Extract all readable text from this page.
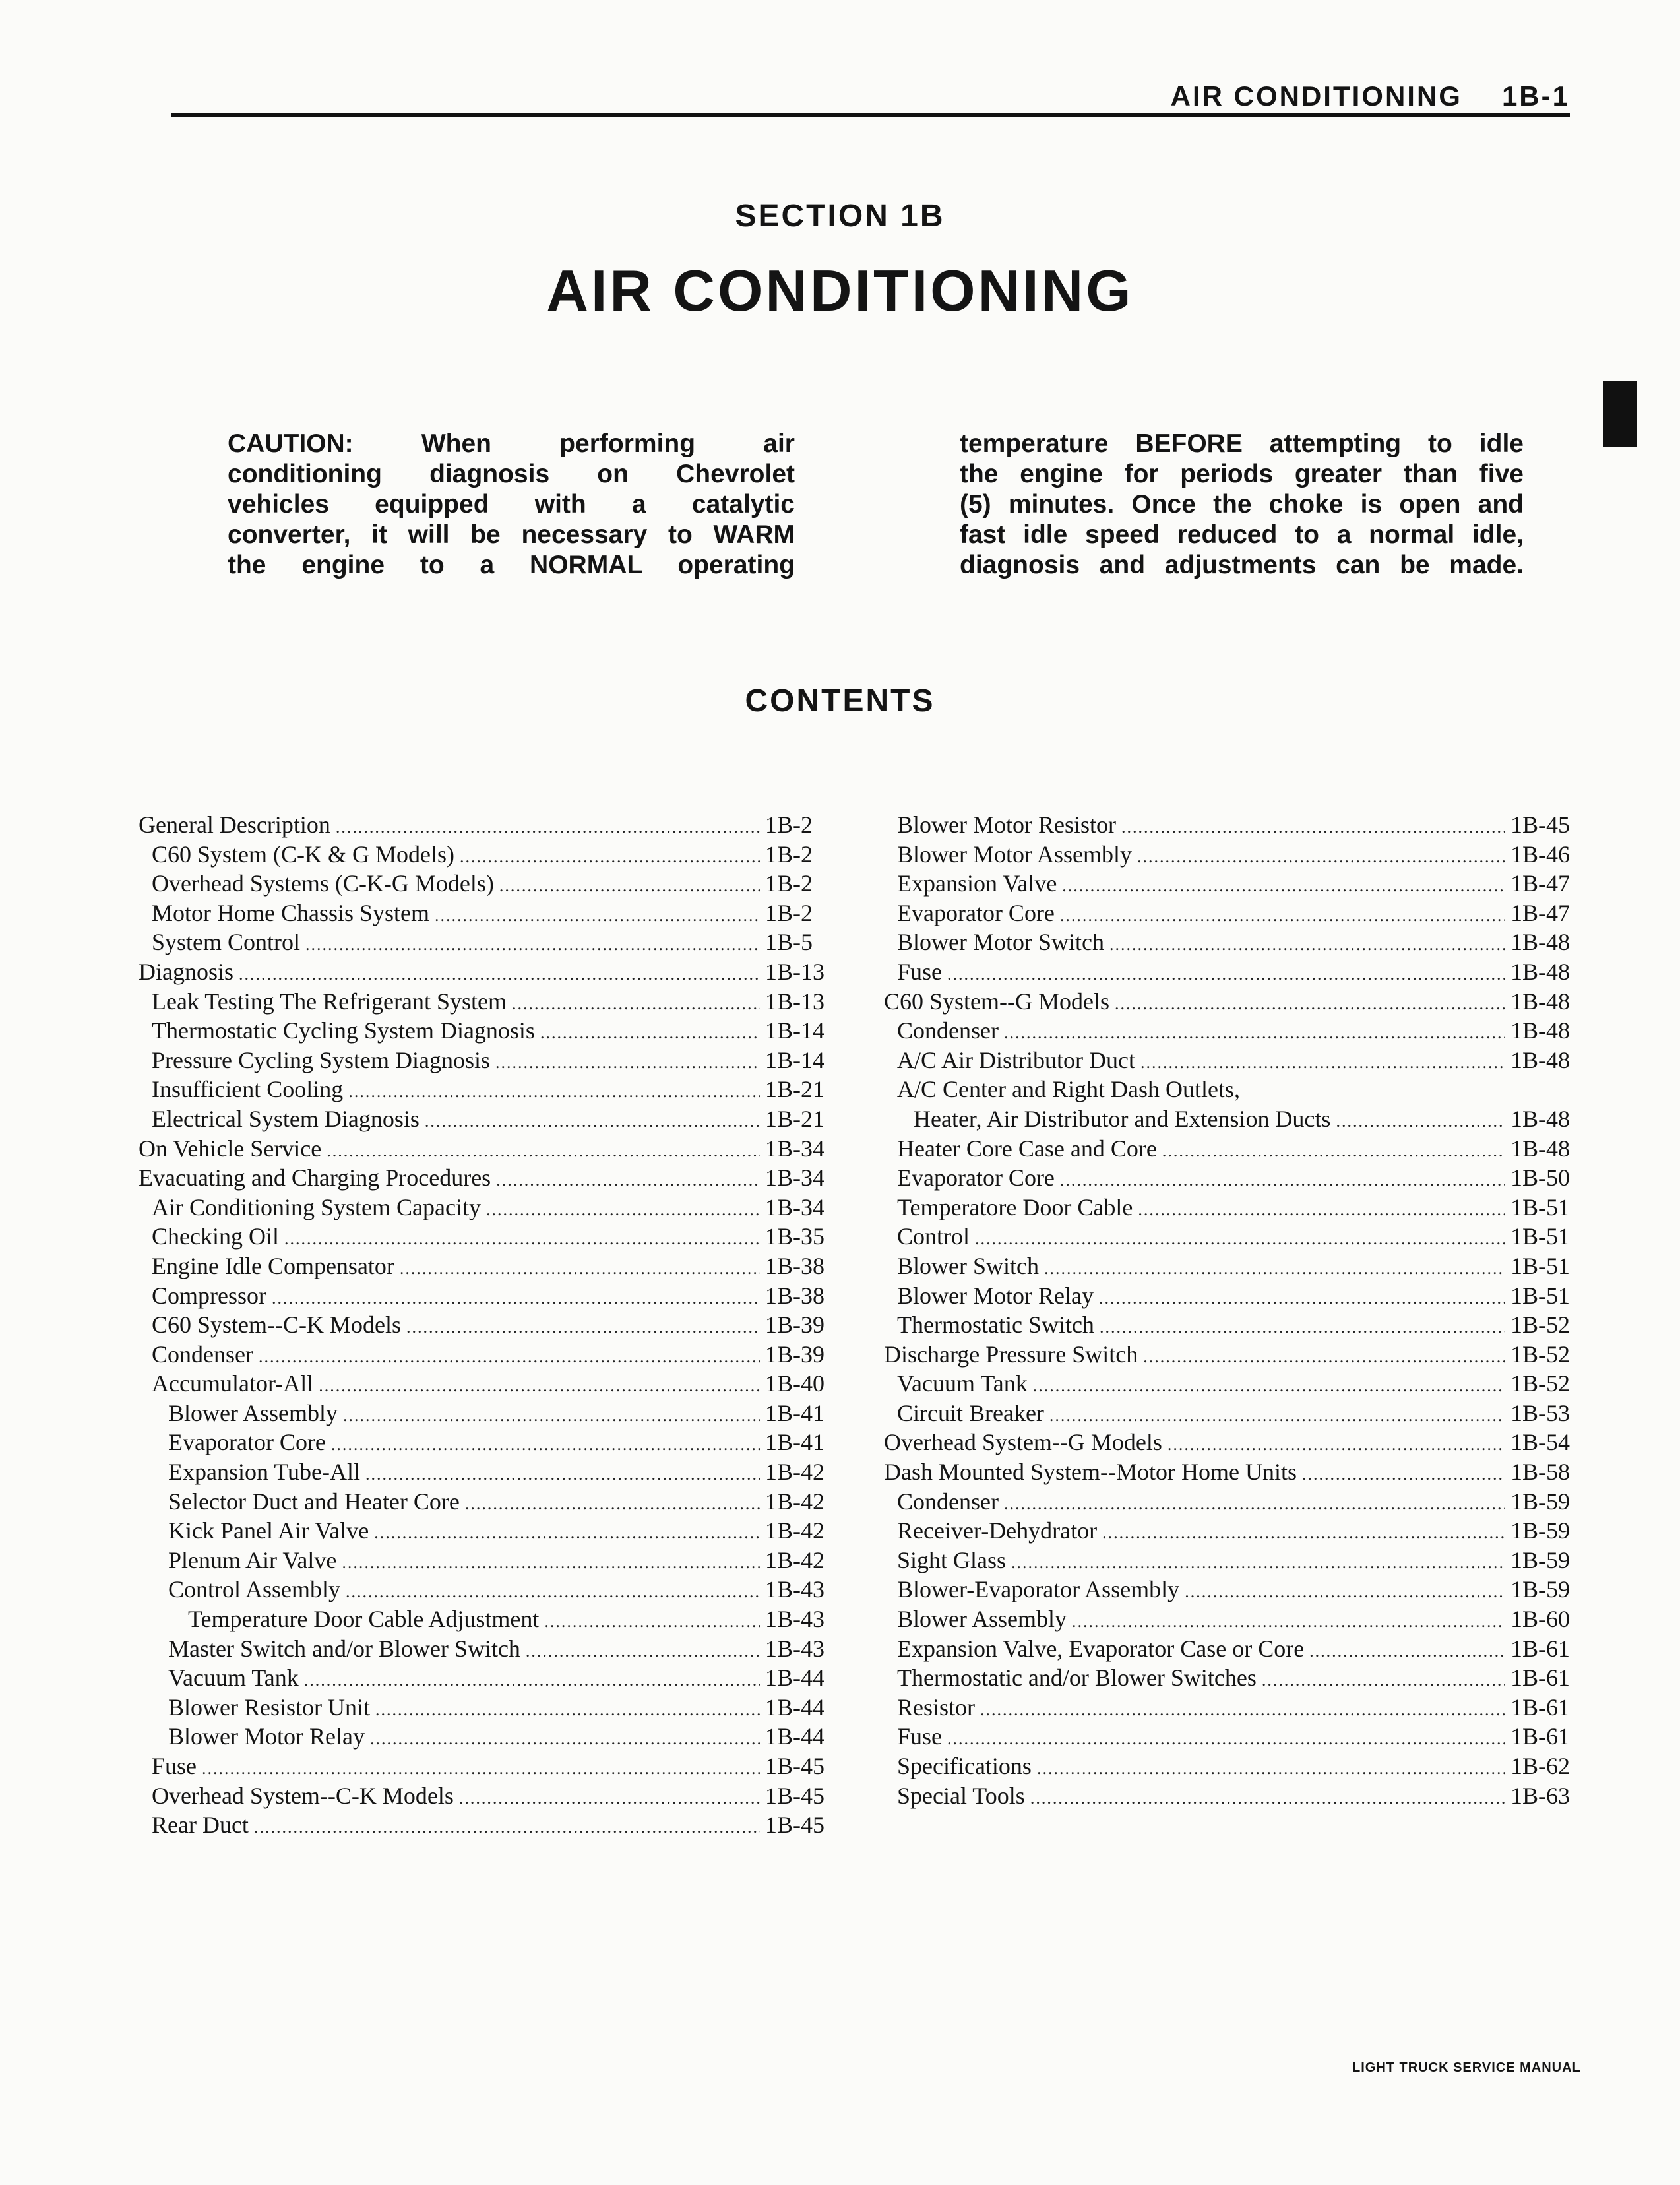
AIR CONDITIONING 1B-1
SECTION 1B
AIR CONDITIONING
CAUTION: When performing air
conditioning diagnosis on Chevrolet
vehicles equipped with a catalytic
converter, it will be necessary to WARM
the engine to a NORMAL operating
temperature BEFORE attempting to idle
the engine for periods greater than five
(5) minutes. Once the choke is open and
fast idle speed reduced to a normal idle,
diagnosis and adjustments can be made.
CONTENTS
General Description .....	1B-2
C60 System (C-K & G Models) .....	1B-2
Overhead Systems (C-K-G Models) .....	1B-2
Motor Home Chassis System .....	1B-2
System Control .....	1B-5
Diagnosis .....	1B-13
Leak Testing The Refrigerant System .....	1B-13
Thermostatic Cycling System Diagnosis .....	1B-14
Pressure Cycling System Diagnosis .....	1B-14
Insufficient Cooling .....	1B-21
Electrical System Diagnosis .....	1B-21
On Vehicle Service .....	1B-34
Evacuating and Charging Procedures .....	1B-34
Air Conditioning System Capacity .....	1B-34
Checking Oil .....	1B-35
Engine Idle Compensator .....	1B-38
Compressor .....	1B-38
C60 System--C-K Models .....	1B-39
Condenser .....	1B-39
Accumulator-All .....	1B-40
Blower Assembly .....	1B-41
Evaporator Core .....	1B-41
Expansion Tube-All .....	1B-42
Selector Duct and Heater Core .....	1B-42
Kick Panel Air Valve .....	1B-42
Plenum Air Valve .....	1B-42
Control Assembly .....	1B-43
Temperature Door Cable Adjustment .....	1B-43
Master Switch and/or Blower Switch .....	1B-43
Vacuum Tank .....	1B-44
Blower Resistor Unit .....	1B-44
Blower Motor Relay .....	1B-44
Fuse .....	1B-45
Overhead System--C-K Models .....	1B-45
Rear Duct .....	1B-45
Blower Motor Resistor .....	1B-45
Blower Motor Assembly .....	1B-46
Expansion Valve .....	1B-47
Evaporator Core .....	1B-47
Blower Motor Switch .....	1B-48
Fuse .....	1B-48
C60 System--G Models .....	1B-48
Condenser .....	1B-48
A/C Air Distributor Duct .....	1B-48
A/C Center and Right Dash Outlets,
Heater, Air Distributor and Extension Ducts .....	1B-48
Heater Core Case and Core .....	1B-48
Evaporator Core .....	1B-50
Temperatore Door Cable .....	1B-51
Control .....	1B-51
Blower Switch .....	1B-51
Blower Motor Relay .....	1B-51
Thermostatic Switch .....	1B-52
Discharge Pressure Switch .....	1B-52
Vacuum Tank .....	1B-52
Circuit Breaker .....	1B-53
Overhead System--G Models .....	1B-54
Dash Mounted System--Motor Home Units .....	1B-58
Condenser .....	1B-59
Receiver-Dehydrator .....	1B-59
Sight Glass .....	1B-59
Blower-Evaporator Assembly .....	1B-59
Blower Assembly .....	1B-60
Expansion Valve, Evaporator Case or Core .....	1B-61
Thermostatic and/or Blower Switches .....	1B-61
Resistor .....	1B-61
Fuse .....	1B-61
Specifications .....	1B-62
Special Tools .....	1B-63
LIGHT TRUCK SERVICE MANUAL
